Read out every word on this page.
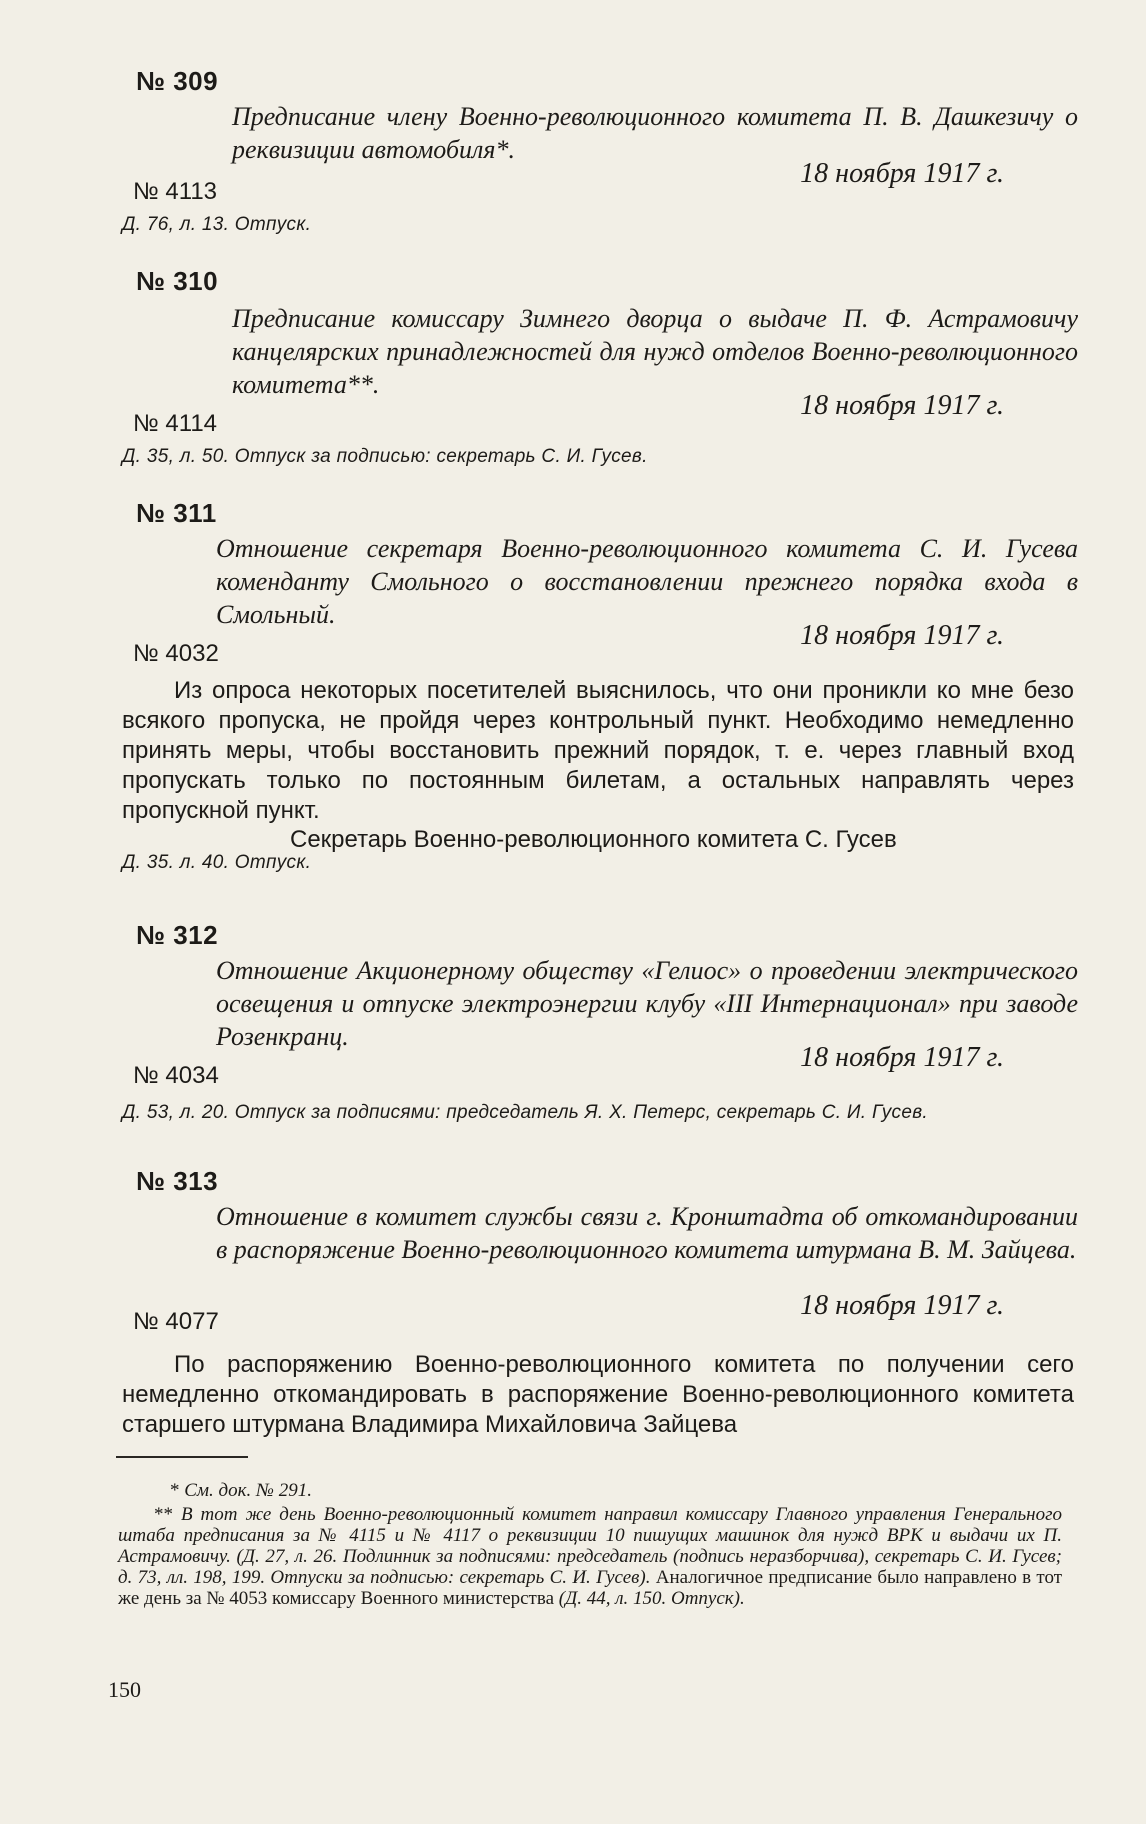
№ 309
Предписание члену Военно-революционного комитета П. В. Дашкезичу о реквизиции автомобиля*.
№ 4113
18 ноября 1917 г.
Д. 76, л. 13. Отпуск.
№ 310
Предписание комиссару Зимнего дворца о выдаче П. Ф. Астрамовичу канцелярских принадлежностей для нужд отделов Военно-революционного комитета**.
№ 4114
18 ноября 1917 г.
Д. 35, л. 50. Отпуск за подписью: секретарь С. И. Гусев.
№ 311
Отношение секретаря Военно-революционного комитета С. И. Гусева коменданту Смольного о восстановлении прежнего порядка входа в Смольный.
№ 4032
18 ноября 1917 г.
Из опроса некоторых посетителей выяснилось, что они проникли ко мне безо всякого пропуска, не пройдя через контрольный пункт. Необходимо немедленно принять меры, чтобы восстановить прежний порядок, т. е. через главный вход пропускать только по постоянным билетам, а остальных направлять через пропускной пункт.
Секретарь Военно-революционного комитета С. Гусев
Д. 35. л. 40. Отпуск.
№ 312
Отношение Акционерному обществу «Гелиос» о проведении электрического освещения и отпуске электроэнергии клубу «III Интернационал» при заводе Розенкранц.
№ 4034
18 ноября 1917 г.
Д. 53, л. 20. Отпуск за подписями: председатель Я. Х. Петерс, секретарь С. И. Гусев.
№ 313
Отношение в комитет службы связи г. Кронштадта об откомандировании в распоряжение Военно-революционного комитета штурмана В. М. Зайцева.
№ 4077
18 ноября 1917 г.
По распоряжению Военно-революционного комитета по получении сего немедленно откомандировать в распоряжение Военно-революционного комитета старшего штурмана Владимира Михайловича Зайцева
* См. док. № 291.
** В тот же день Военно-революционный комитет направил комиссару Главного управления Генерального штаба предписания за № 4115 и № 4117 о реквизиции 10 пишущих машинок для нужд ВРК и выдачи их П. Астрамовичу. (Д. 27, л. 26. Подлинник за подписями: председатель (подпись неразборчива), секретарь С. И. Гусев; д. 73, лл. 198, 199. Отпуски за подписью: секретарь С. И. Гусев). Аналогичное предписание было направлено в тот же день за № 4053 комиссару Военного министерства (Д. 44, л. 150. Отпуск).
150
